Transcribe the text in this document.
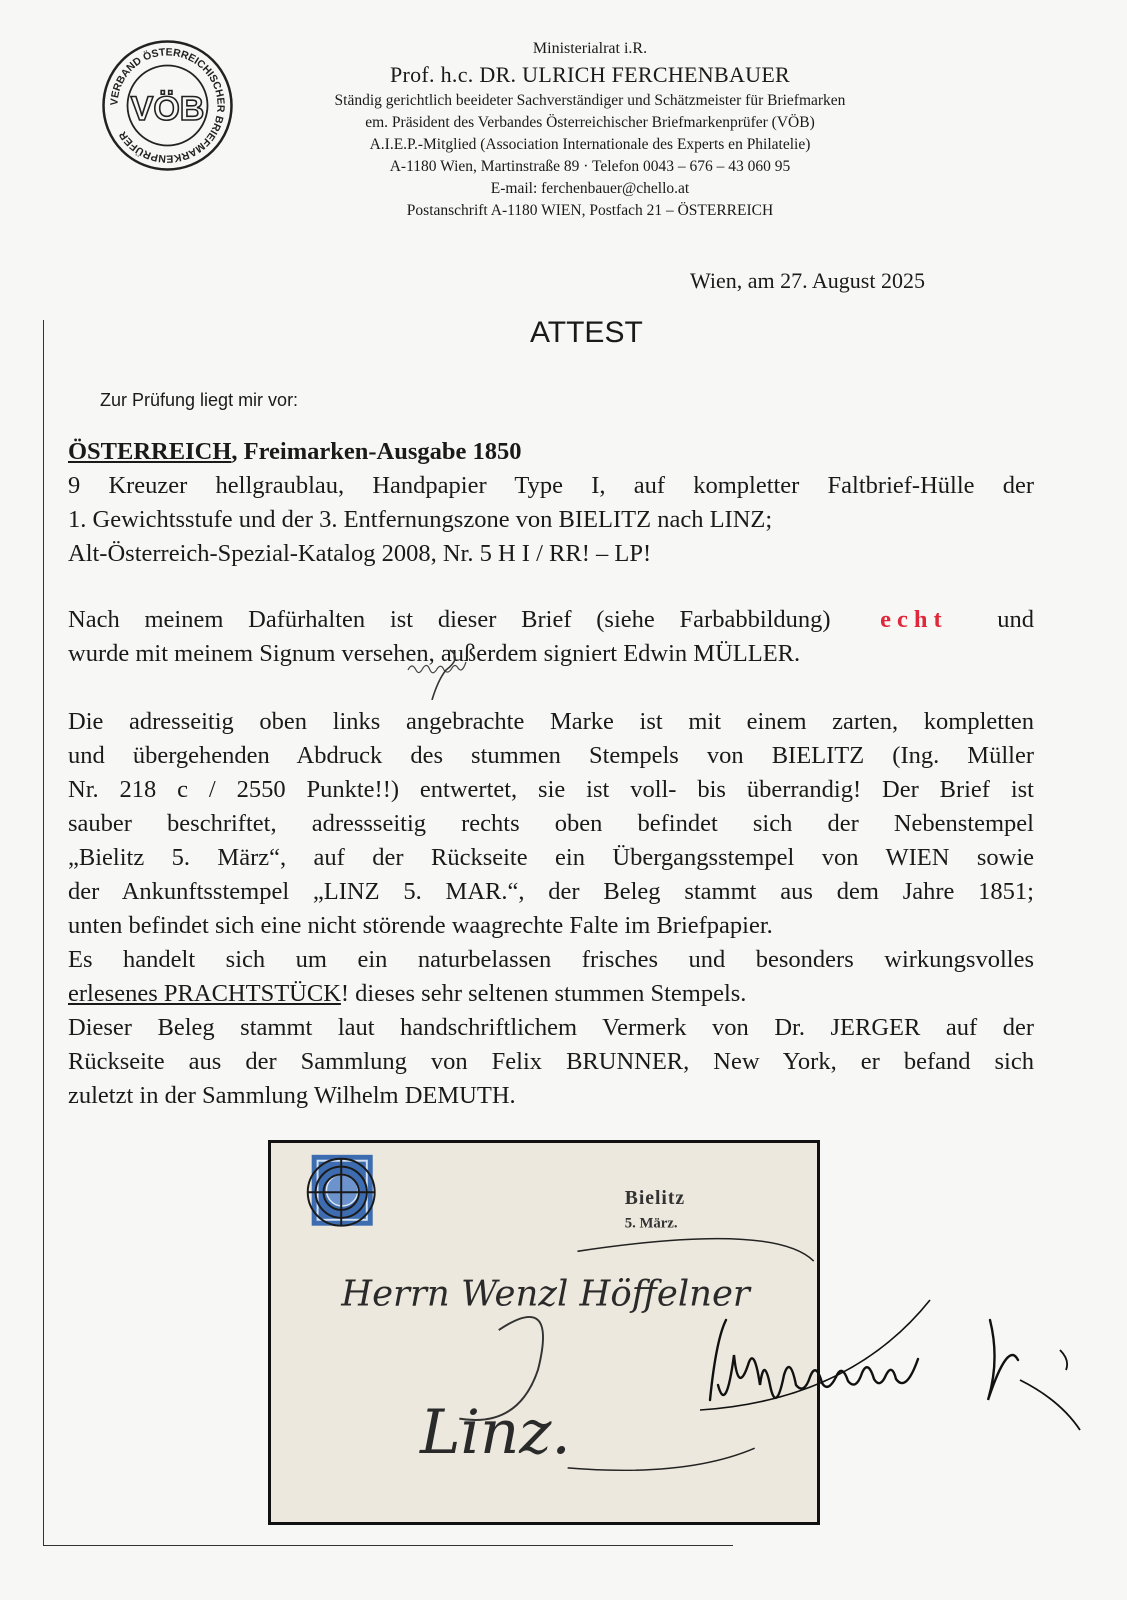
VERBAND ÖSTERREICHISCHER BRIEFMARKENPRÜFER
VÖB
Ministerialrat i.R.
Prof. h.c. DR. ULRICH FERCHENBAUER
Ständig gerichtlich beeideter Sachverständiger und Schätzmeister für Briefmarken
em. Präsident des Verbandes Österreichischer Briefmarkenprüfer (VÖB)
A.I.E.P.-Mitglied (Association Internationale des Experts en Philatelie)
A-1180 Wien, Martinstraße 89 · Telefon 0043 – 676 – 43 060 95
E-mail: ferchenbauer@chello.at
Postanschrift A-1180 WIEN, Postfach 21 – ÖSTERREICH
Wien, am 27. August 2025
ATTEST
Zur Prüfung liegt mir vor:
ÖSTERREICH, Freimarken-Ausgabe 1850
9 Kreuzer hellgraublau, Handpapier Type I, auf kompletter Faltbrief-Hülle der
1. Gewichtsstufe und der 3. Entfernungszone von BIELITZ nach LINZ;
Alt-Österreich-Spezial-Katalog 2008, Nr. 5 H I / RR! – LP!
Nach meinem Dafürhalten ist dieser Brief (siehe Farbabbildung) echt und
wurde mit meinem Signum versehen, außerdem signiert Edwin MÜLLER.
Die adresseitig oben links angebrachte Marke ist mit einem zarten, kompletten
und übergehenden Abdruck des stummen Stempels von BIELITZ (Ing. Müller
Nr. 218 c / 2550 Punkte!!) entwertet, sie ist voll- bis überrandig! Der Brief ist
sauber beschriftet, adressseitig rechts oben befindet sich der Nebenstempel
„Bielitz 5. März“, auf der Rückseite ein Übergangsstempel von WIEN sowie
der Ankunftsstempel „LINZ 5. MAR.“, der Beleg stammt aus dem Jahre 1851;
unten befindet sich eine nicht störende waagrechte Falte im Briefpapier.
Es handelt sich um ein naturbelassen frisches und besonders wirkungsvolles
erlesenes PRACHTSTÜCK! dieses sehr seltenen stummen Stempels.
Dieser Beleg stammt laut handschriftlichem Vermerk von Dr. JERGER auf der
Rückseite aus der Sammlung von Felix BRUNNER, New York, er befand sich
zuletzt in der Sammlung Wilhelm DEMUTH.
Bielitz
5. März.
Herrn Wenzl Höffelner
Linz.
